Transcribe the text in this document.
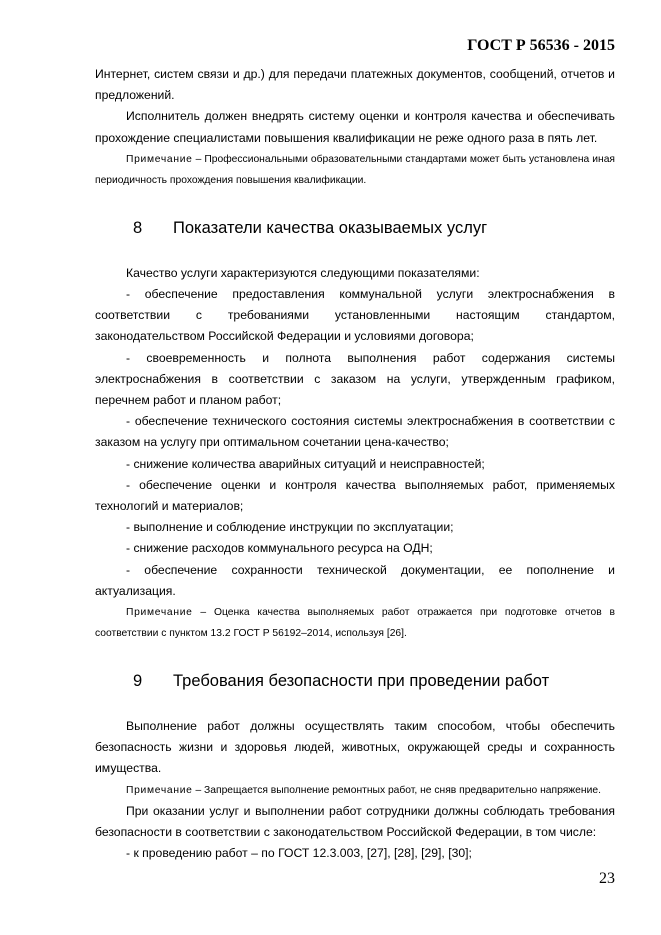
ГОСТ Р 56536 - 2015

Интернет, систем связи и др.) для передачи платежных документов, сообщений, отчетов и предложений.

Исполнитель должен внедрять систему оценки и контроля качества и обеспечивать прохождение специалистами повышения квалификации не реже одного раза в пять лет.

Примечание – Профессиональными образовательными стандартами может быть установлена иная периодичность прохождения повышения квалификации.

8 Показатели качества оказываемых услуг

Качество услуги характеризуются следующими показателями:

- обеспечение предоставления коммунальной услуги электроснабжения в соответствии с требованиями установленными настоящим стандартом, законодательством Российской Федерации и условиями договора;

- своевременность и полнота выполнения работ содержания системы электроснабжения в соответствии с заказом на услуги, утвержденным графиком, перечнем работ и планом работ;

- обеспечение технического состояния системы электроснабжения в соответствии с заказом на услугу при оптимальном сочетании цена-качество;

- снижение количества аварийных ситуаций и неисправностей;

- обеспечение оценки и контроля качества выполняемых работ, применяемых технологий и материалов;

- выполнение и соблюдение инструкции по эксплуатации;

- снижение расходов коммунального ресурса на ОДН;

- обеспечение сохранности технической документации, ее пополнение и актуализация.

Примечание – Оценка качества выполняемых работ отражается при подготовке отчетов в соответствии с пунктом 13.2 ГОСТ Р 56192–2014, используя [26].

9 Требования безопасности при проведении работ

Выполнение работ должны осуществлять таким способом, чтобы обеспечить безопасность жизни и здоровья людей, животных, окружающей среды и сохранность имущества.

Примечание – Запрещается выполнение ремонтных работ, не сняв предварительно напряжение.

При оказании услуг и выполнении работ сотрудники должны соблюдать требования безопасности в соответствии с законодательством Российской Федерации, в том числе:

- к проведению работ – по ГОСТ 12.3.003, [27], [28], [29], [30];

23
